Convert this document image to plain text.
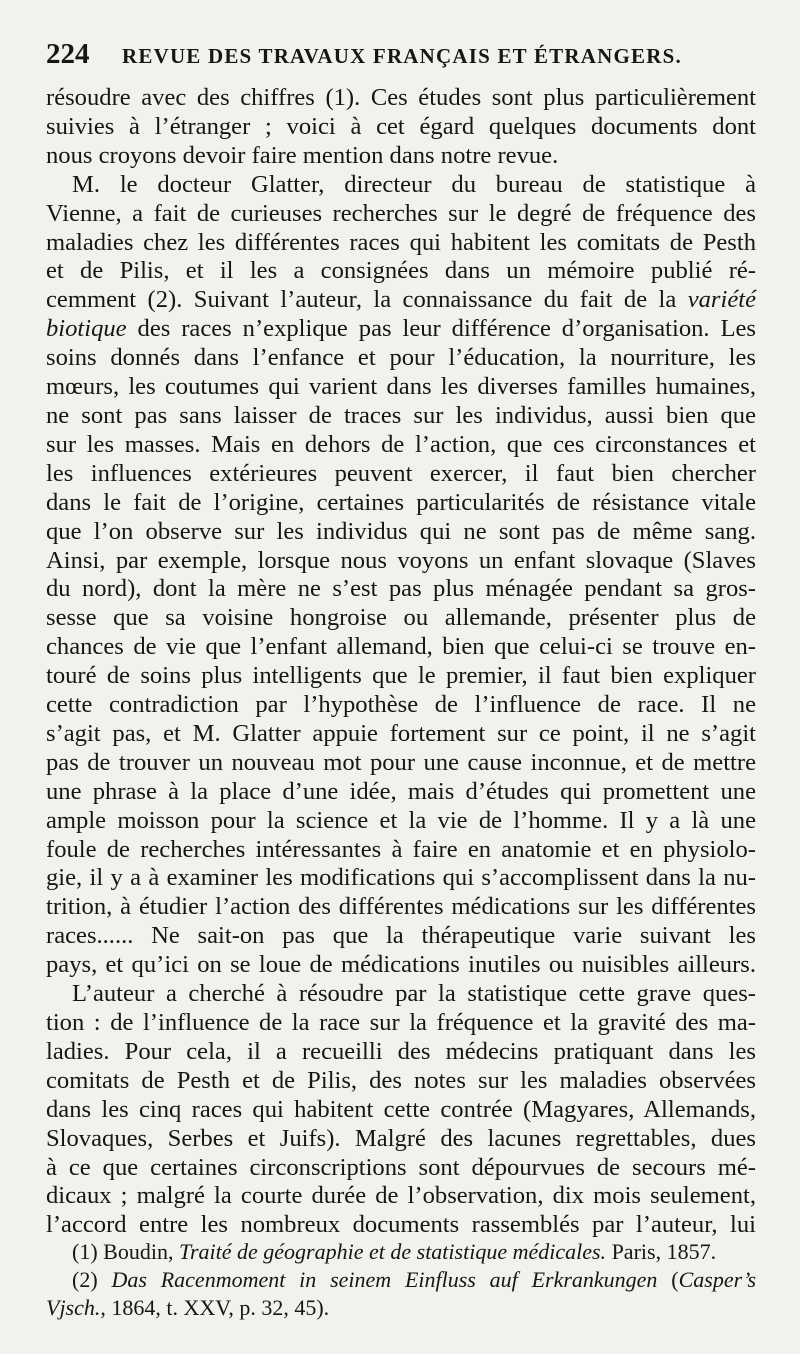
224	REVUE DES TRAVAUX FRANÇAIS ET ÉTRANGERS.
résoudre avec des chiffres (1). Ces études sont plus particulièrement
suivies à l’étranger ; voici à cet égard quelques documents dont
nous croyons devoir faire mention dans notre revue.
M. le docteur Glatter, directeur du bureau de statistique à
Vienne, a fait de curieuses recherches sur le degré de fréquence des
maladies chez les différentes races qui habitent les comitats de Pesth
et de Pilis, et il les a consignées dans un mémoire publié ré-
cemment (2). Suivant l’auteur, la connaissance du fait de la variété
biotique des races n’explique pas leur différence d’organisation. Les
soins donnés dans l’enfance et pour l’éducation, la nourriture, les
mœurs, les coutumes qui varient dans les diverses familles humaines,
ne sont pas sans laisser de traces sur les individus, aussi bien que
sur les masses. Mais en dehors de l’action, que ces circonstances et
les influences extérieures peuvent exercer, il faut bien chercher
dans le fait de l’origine, certaines particularités de résistance vitale
que l’on observe sur les individus qui ne sont pas de même sang.
Ainsi, par exemple, lorsque nous voyons un enfant slovaque (Slaves
du nord), dont la mère ne s’est pas plus ménagée pendant sa gros-
sesse que sa voisine hongroise ou allemande, présenter plus de
chances de vie que l’enfant allemand, bien que celui-ci se trouve en-
touré de soins plus intelligents que le premier, il faut bien expliquer
cette contradiction par l’hypothèse de l’influence de race. Il ne
s’agit pas, et M. Glatter appuie fortement sur ce point, il ne s’agit
pas de trouver un nouveau mot pour une cause inconnue, et de mettre
une phrase à la place d’une idée, mais d’études qui promettent une
ample moisson pour la science et la vie de l’homme. Il y a là une
foule de recherches intéressantes à faire en anatomie et en physiolo-
gie, il y a à examiner les modifications qui s’accomplissent dans la nu-
trition, à étudier l’action des différentes médications sur les différentes
races...... Ne sait-on pas que la thérapeutique varie suivant les
pays, et qu’ici on se loue de médications inutiles ou nuisibles ailleurs.
L’auteur a cherché à résoudre par la statistique cette grave ques-
tion : de l’influence de la race sur la fréquence et la gravité des ma-
ladies. Pour cela, il a recueilli des médecins pratiquant dans les
comitats de Pesth et de Pilis, des notes sur les maladies observées
dans les cinq races qui habitent cette contrée (Magyares, Allemands,
Slovaques, Serbes et Juifs). Malgré des lacunes regrettables, dues
à ce que certaines circonscriptions sont dépourvues de secours mé-
dicaux ; malgré la courte durée de l’observation, dix mois seulement,
l’accord entre les nombreux documents rassemblés par l’auteur, lui
(1) Boudin, Traité de géographie et de statistique médicales. Paris, 1857.
(2) Das Racenmoment in seinem Einfluss auf Erkrankungen (Casper’s
Vjsch., 1864, t. XXV, p. 32, 45).
